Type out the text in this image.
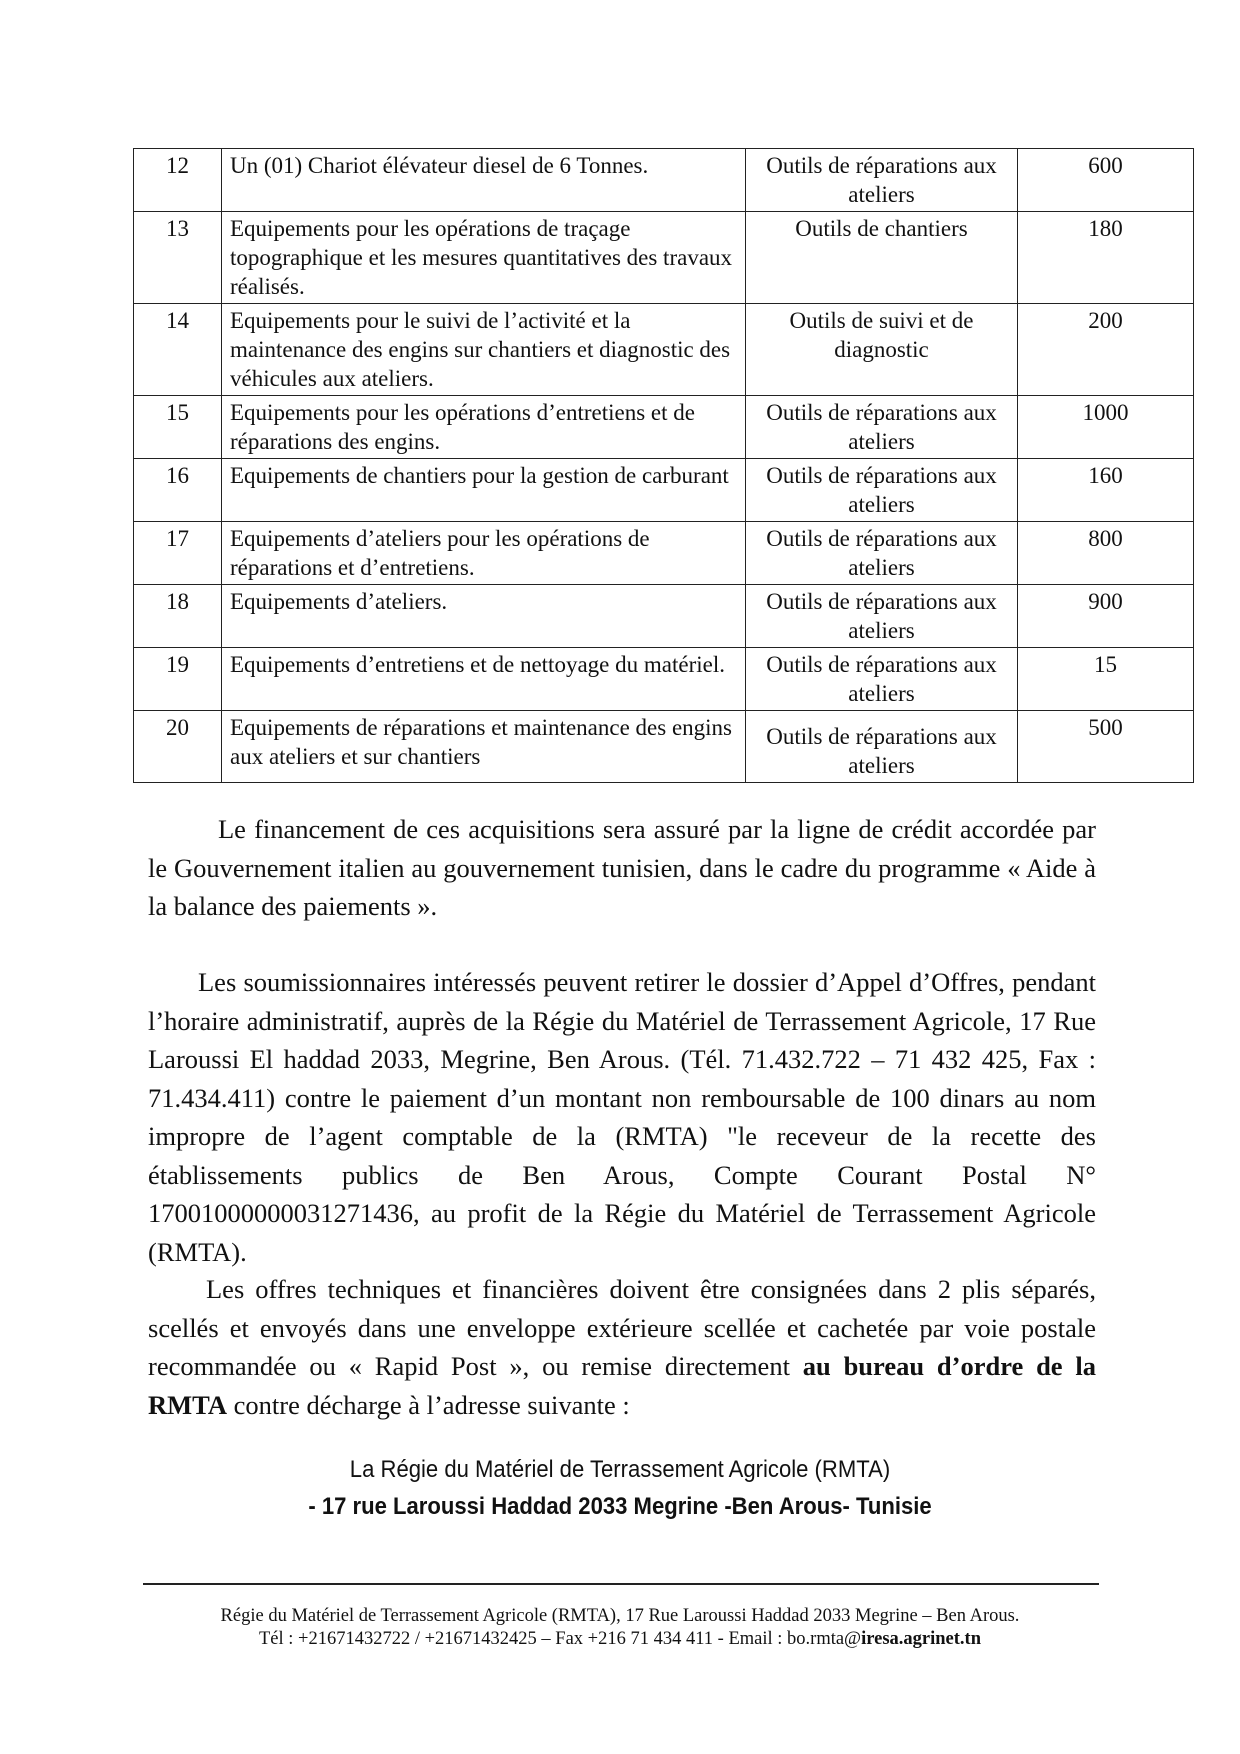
12	Un (01) Chariot élévateur diesel de 6 Tonnes.	Outils de réparations aux ateliers	600
13	Equipements pour les opérations de traçage topographique et les mesures quantitatives des travaux réalisés.	Outils de chantiers	180
14	Equipements pour le suivi de l’activité et la maintenance des engins sur chantiers et diagnostic des véhicules aux ateliers.	Outils de suivi et de diagnostic	200
15	Equipements pour les opérations d’entretiens et de réparations des engins.	Outils de réparations aux ateliers	1000
16	Equipements de chantiers pour la gestion de carburant	Outils de réparations aux ateliers	160
17	Equipements d’ateliers pour les opérations de réparations et d’entretiens.	Outils de réparations aux ateliers	800
18	Equipements d’ateliers.	Outils de réparations aux ateliers	900
19	Equipements d’entretiens et de nettoyage du matériel.	Outils de réparations aux ateliers	15
20	Equipements de réparations et maintenance des engins aux ateliers et sur chantiers	Outils de réparations aux ateliers	500

Le financement de ces acquisitions sera assuré par la ligne de crédit accordée par le Gouvernement italien au gouvernement tunisien, dans le cadre du programme « Aide à la balance des paiements ».

Les soumissionnaires intéressés peuvent retirer le dossier d’Appel d’Offres, pendant l’horaire administratif, auprès de la Régie du Matériel de Terrassement Agricole, 17 Rue Laroussi El haddad 2033, Megrine, Ben Arous. (Tél. 71.432.722 – 71 432 425, Fax : 71.434.411) contre le paiement d’un montant non remboursable de 100 dinars au nom impropre de l’agent comptable de la (RMTA) "le receveur de la recette des établissements publics de Ben Arous, Compte Courant Postal N° 17001000000031271436, au profit de la Régie du Matériel de Terrassement Agricole (RMTA).

Les offres techniques et financières doivent être consignées dans 2 plis séparés, scellés et envoyés dans une enveloppe extérieure scellée et cachetée par voie postale recommandée ou « Rapid Post », ou remise directement au bureau d’ordre de la RMTA contre décharge à l’adresse suivante :

La Régie du Matériel de Terrassement Agricole (RMTA)
- 17 rue Laroussi Haddad 2033 Megrine -Ben Arous- Tunisie
Régie du Matériel de Terrassement Agricole (RMTA), 17 Rue Laroussi Haddad 2033 Megrine – Ben Arous.
Tél : +21671432722 / +21671432425 – Fax +216 71 434 411 - Email : bo.rmta@iresa.agrinet.tn
